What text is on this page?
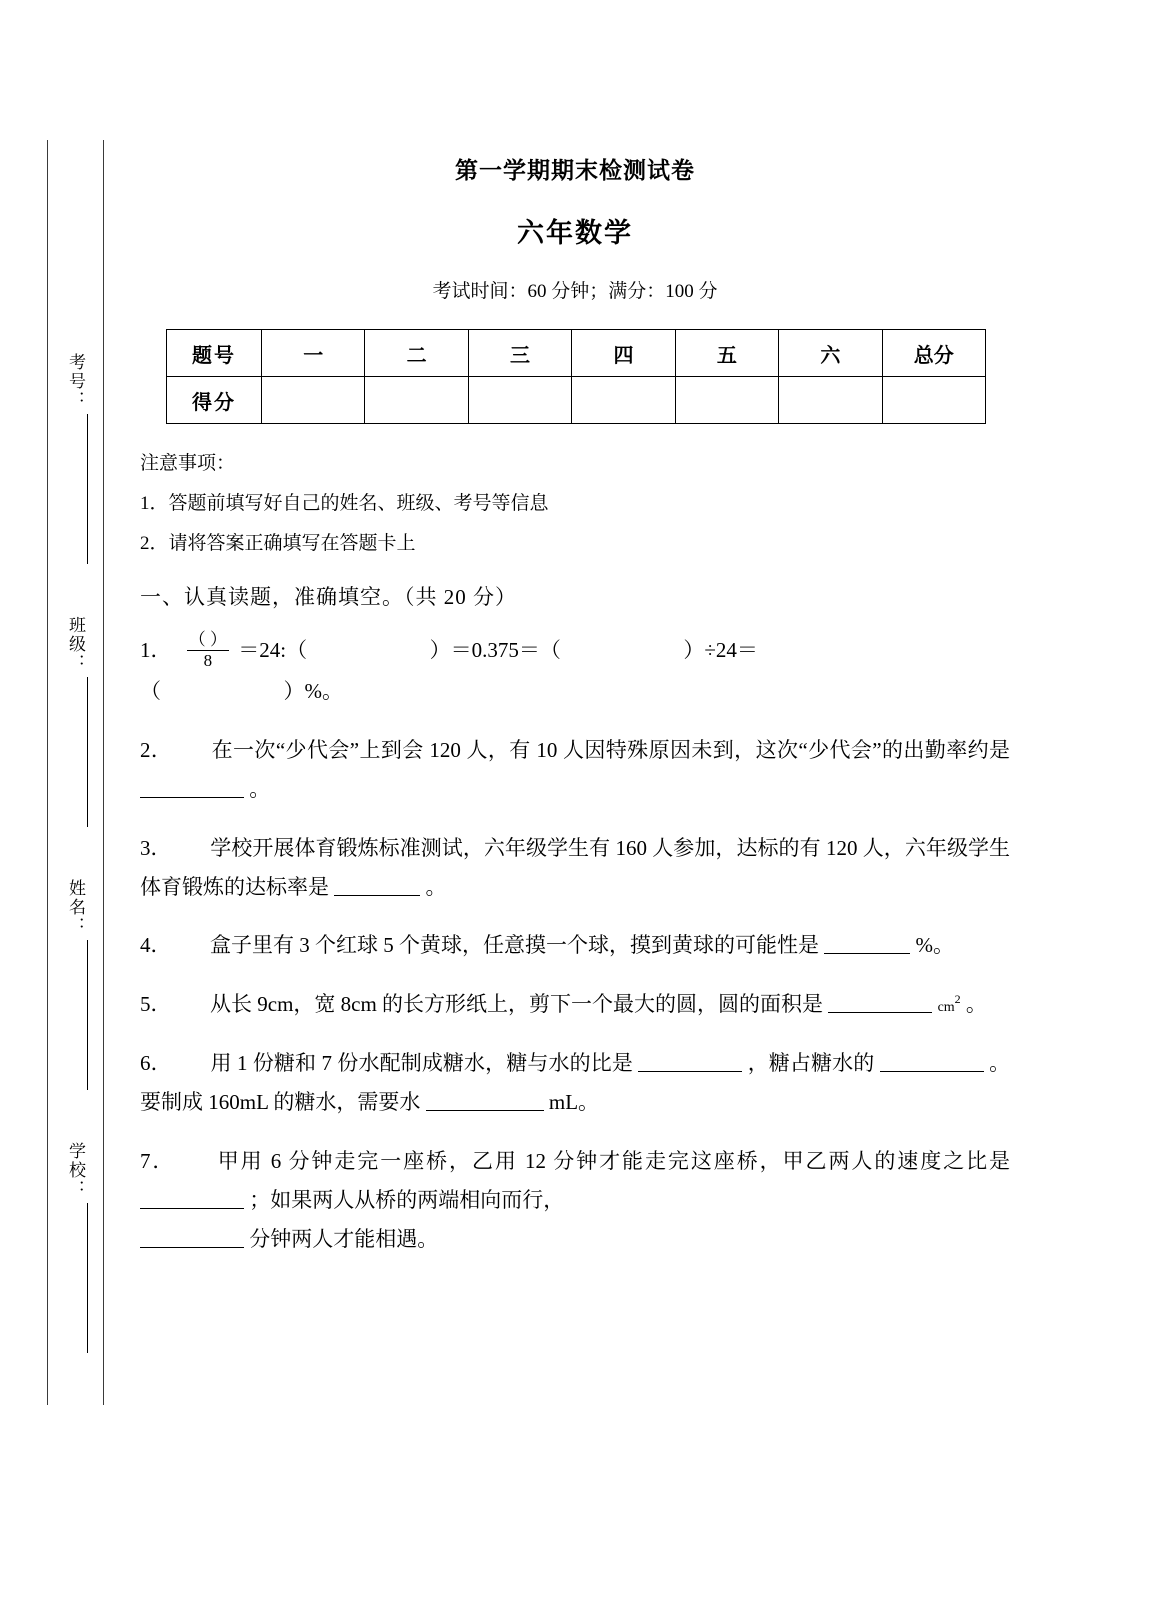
考号：
班级：
姓名：
学校：
第一学期期末检测试卷
六年数学
考试时间：60 分钟；满分：100 分
题号	一	二	三	四	五	六	总分
得分							
注意事项：
1．答题前填写好自己的姓名、班级、考号等信息
2．请将答案正确填写在答题卡上
一、认真读题，准确填空。（共 20 分）
1． $\frac{( )}{8}$ ＝24:（	）＝0.375＝（	）÷24＝
（	）%。
2． 在一次“少代会”上到会 120 人，有 10 人因特殊原因未到，这次“少代会”的出勤率约是  。
3． 学校开展体育锻炼标准测试，六年级学生有 160 人参加，达标的有 120 人，六年级学生体育锻炼的达标率是	。
4． 盒子里有 3 个红球 5 个黄球，任意摸一个球，摸到黄球的可能性是	%。
5． 从长 9cm，宽 8cm 的长方形纸上，剪下一个最大的圆，圆的面积是	$cm^2$ 。
6． 用 1 份糖和 7 份水配制成糖水，糖与水的比是	，糖占糖水的	。要制成 160mL 的糖水，需要水	mL。
7． 甲用 6 分钟走完一座桥，乙用 12 分钟才能走完这座桥，甲乙两人的速度之比是  ；如果两人从桥的两端相向而行，
分钟两人才能相遇。
